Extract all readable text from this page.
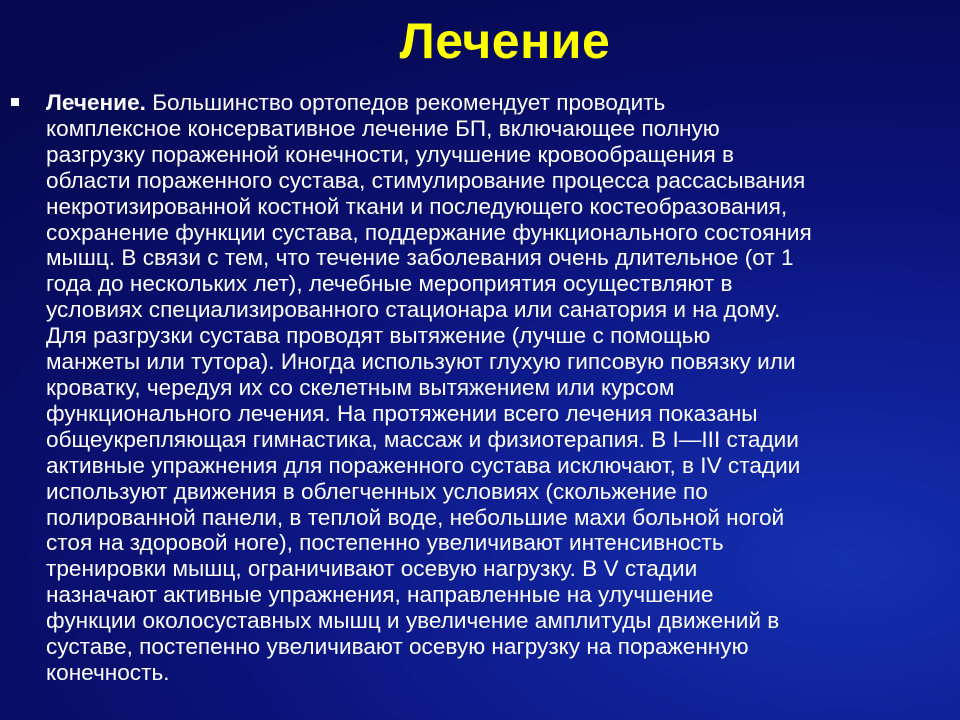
Лечение

Лечение. Большинство ортопедов рекомендует проводить
комплексное консервативное лечение БП, включающее полную
разгрузку пораженной конечности, улучшение кровообращения в
области пораженного сустава, стимулирование процесса рассасывания
некротизированной костной ткани и последующего костеобразования,
сохранение функции сустава, поддержание функционального состояния
мышц. В связи с тем, что течение заболевания очень длительное (от 1
года до нескольких лет), лечебные мероприятия осуществляют в
условиях специализированного стационара или санатория и на дому.
Для разгрузки сустава проводят вытяжение (лучше с помощью
манжеты или тутора). Иногда используют глухую гипсовую повязку или
кроватку, чередуя их со скелетным вытяжением или курсом
функционального лечения. На протяжении всего лечения показаны
общеукрепляющая гимнастика, массаж и физиотерапия. В I—III стадии
активные упражнения для пораженного сустава исключают, в IV стадии
используют движения в облегченных условиях (скольжение по
полированной панели, в теплой воде, небольшие махи больной ногой
стоя на здоровой ноге), постепенно увеличивают интенсивность
тренировки мышц, ограничивают осевую нагрузку. В V стадии
назначают активные упражнения, направленные на улучшение
функции околосуставных мышц и увеличение амплитуды движений в
суставе, постепенно увеличивают осевую нагрузку на пораженную
конечность.
